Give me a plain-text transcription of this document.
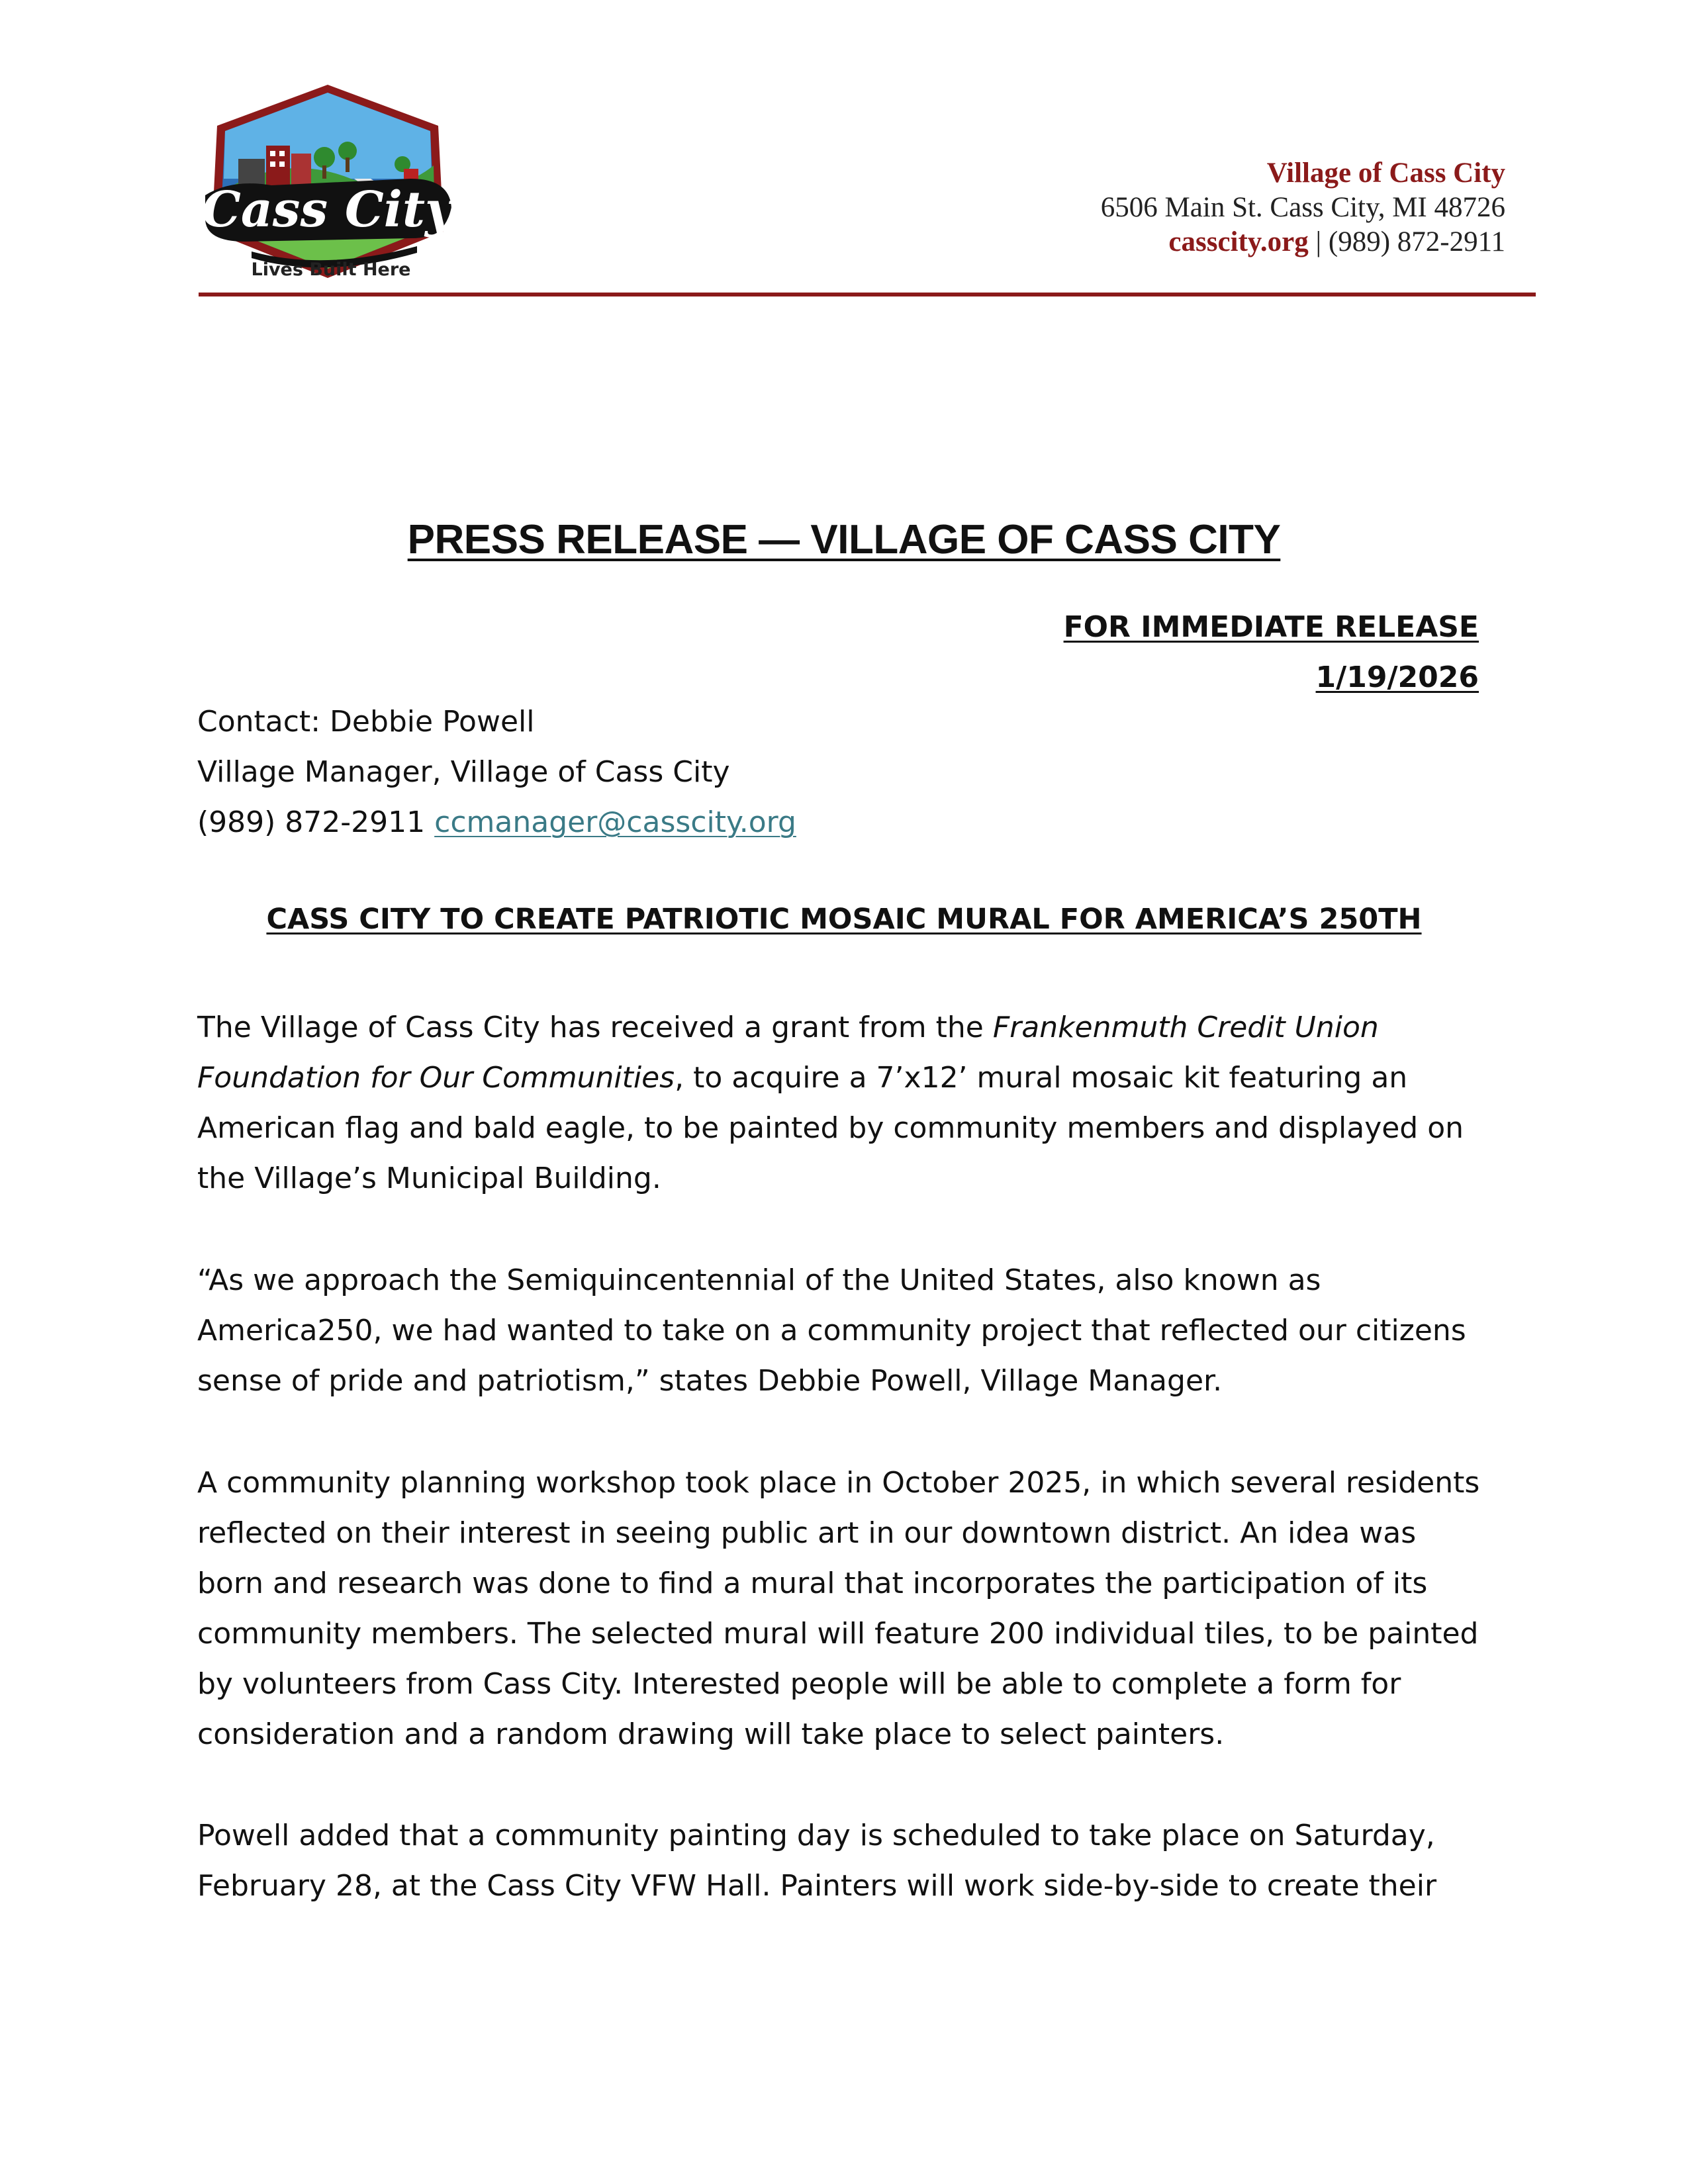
Cass City
Lives Built Here
Village of Cass City
6506 Main St. Cass City, MI 48726
casscity.org | (989) 872-2911
PRESS RELEASE — VILLAGE OF CASS CITY
FOR IMMEDIATE RELEASE
1/19/2026
Contact: Debbie Powell
Village Manager, Village of Cass City
(989) 872-2911 ccmanager@casscity.org
CASS CITY TO CREATE PATRIOTIC MOSAIC MURAL FOR AMERICA’S 250TH
The Village of Cass City has received a grant from the Frankenmuth Credit Union
Foundation for Our Communities, to acquire a 7’x12’ mural mosaic kit featuring an
American flag and bald eagle, to be painted by community members and displayed on
the Village’s Municipal Building.
“As we approach the Semiquincentennial of the United States, also known as
America250, we had wanted to take on a community project that reflected our citizens
sense of pride and patriotism,” states Debbie Powell, Village Manager.
A community planning workshop took place in October 2025, in which several residents
reflected on their interest in seeing public art in our downtown district. An idea was
born and research was done to find a mural that incorporates the participation of its
community members. The selected mural will feature 200 individual tiles, to be painted
by volunteers from Cass City. Interested people will be able to complete a form for
consideration and a random drawing will take place to select painters.
Powell added that a community painting day is scheduled to take place on Saturday,
February 28, at the Cass City VFW Hall. Painters will work side-by-side to create their
